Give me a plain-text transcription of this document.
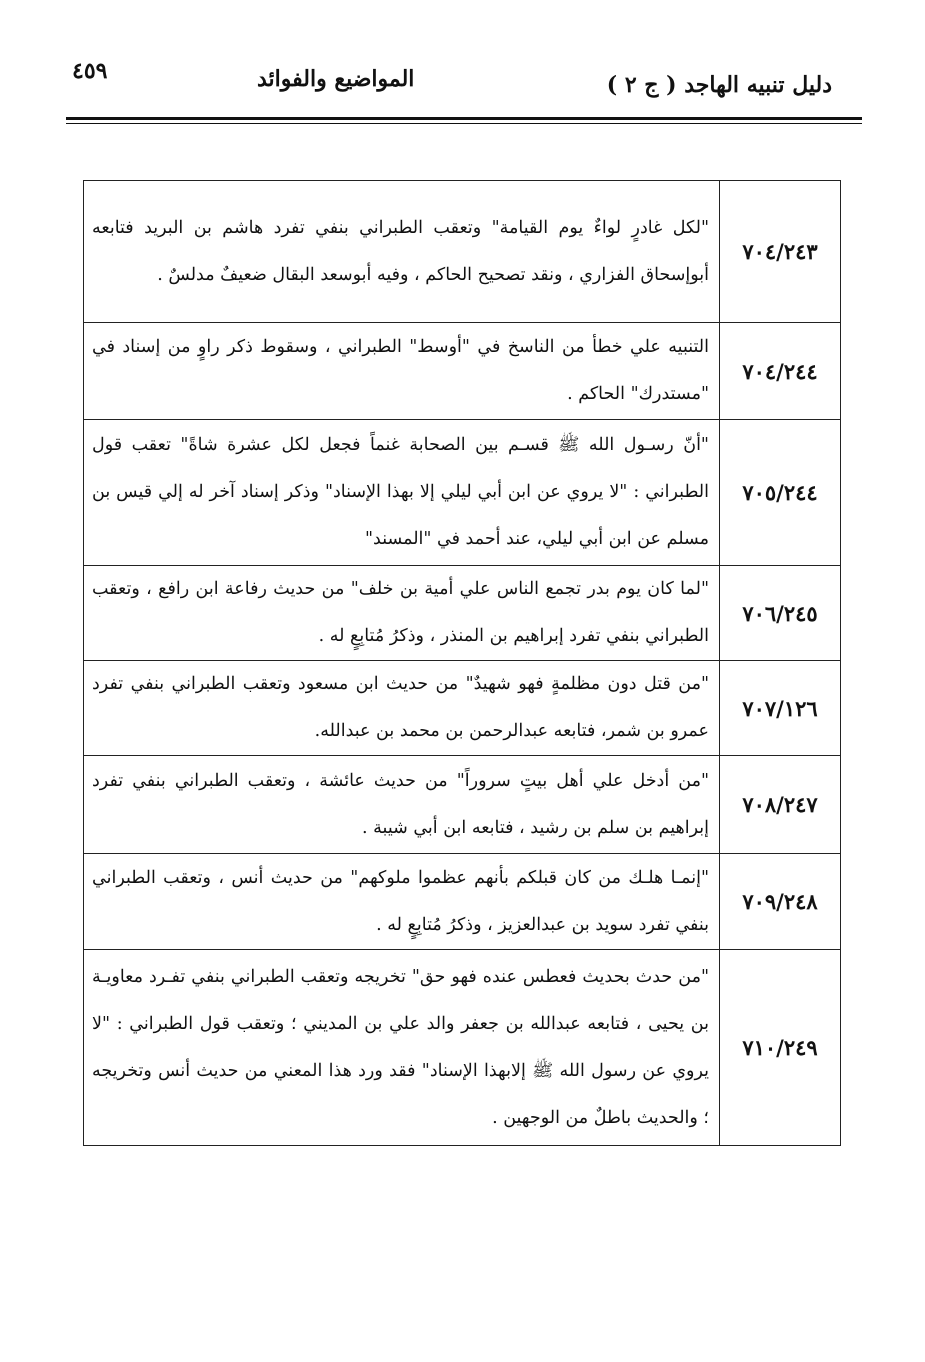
دليل تنبيه الهاجد ( ج ٢ )
المواضيع والفوائد
٤٥٩
"لكل غادرٍ لواءٌ يوم القيامة" وتعقب الطبراني بنفي تفرد هاشم بن البريد فتابعه أبوإسحاق الفزاري ، ونقد تصحيح الحاكم ، وفيه أبوسعد البقال ضعيفٌ مدلسٌ .	٧٠٤/٢٤٣
التنبيه علي خطأ من الناسخ في "أوسط" الطبراني ، وسقوط ذكر راوٍ من إسناد في "مستدرك" الحاكم .	٧٠٤/٢٤٤
"أنّ رسـول الله ﷺ قسـم بين الصحابة غنماً فجعل لكل عشرة شاةً" تعقب قول الطبراني : "لا يروي عن ابن أبي ليلي إلا بهذا الإسناد" وذكر إسناد آخر له إلي قيس بن مسلم عن ابن أبي ليلي، عند أحمد في "المسند"	٧٠٥/٢٤٤
"لما كان يوم بدر تجمع الناس علي أمية بن خلف" من حديث رفاعة ابن رافع ، وتعقب الطبراني بنفي تفرد إبراهيم بن المنذر ، وذكرُ مُتابِعٍ له .	٧٠٦/٢٤٥
"من قتل دون مظلمةٍ فهو شهيدٌ" من حديث ابن مسعود وتعقب الطبراني بنفي تفرد عمرو بن شمر، فتابعه عبدالرحمن بن محمد بن عبدالله.	٧٠٧/١٢٦
"من أدخل علي أهل بيتٍ سروراً" من حديث عائشة ، وتعقب الطبراني بنفي تفرد إبراهيم بن سلم بن رشيد ، فتابعه ابن أبي شيبة .	٧٠٨/٢٤٧
"إنمـا هلـك من كان قبلكم بأنهم عظموا ملوكهم" من حديث أنس ، وتعقب الطبراني بنفي تفرد سويد بن عبدالعزيز ، وذكرُ مُتابِعٍ له .	٧٠٩/٢٤٨
"من حدث بحديث فعطس عنده فهو حق" تخريجه وتعقب الطبراني بنفي تفـرد معاويـة بن يحيى ، فتابعه عبدالله بن جعفر والد علي بن المديني ؛ وتعقب قول الطبراني : "لا يروي عن رسول الله ﷺ إلابهذا الإسناد" فقد ورد هذا المعني من حديث أنس وتخريجه ؛ والحديث باطلٌ من الوجهين .	٧١٠/٢٤٩
